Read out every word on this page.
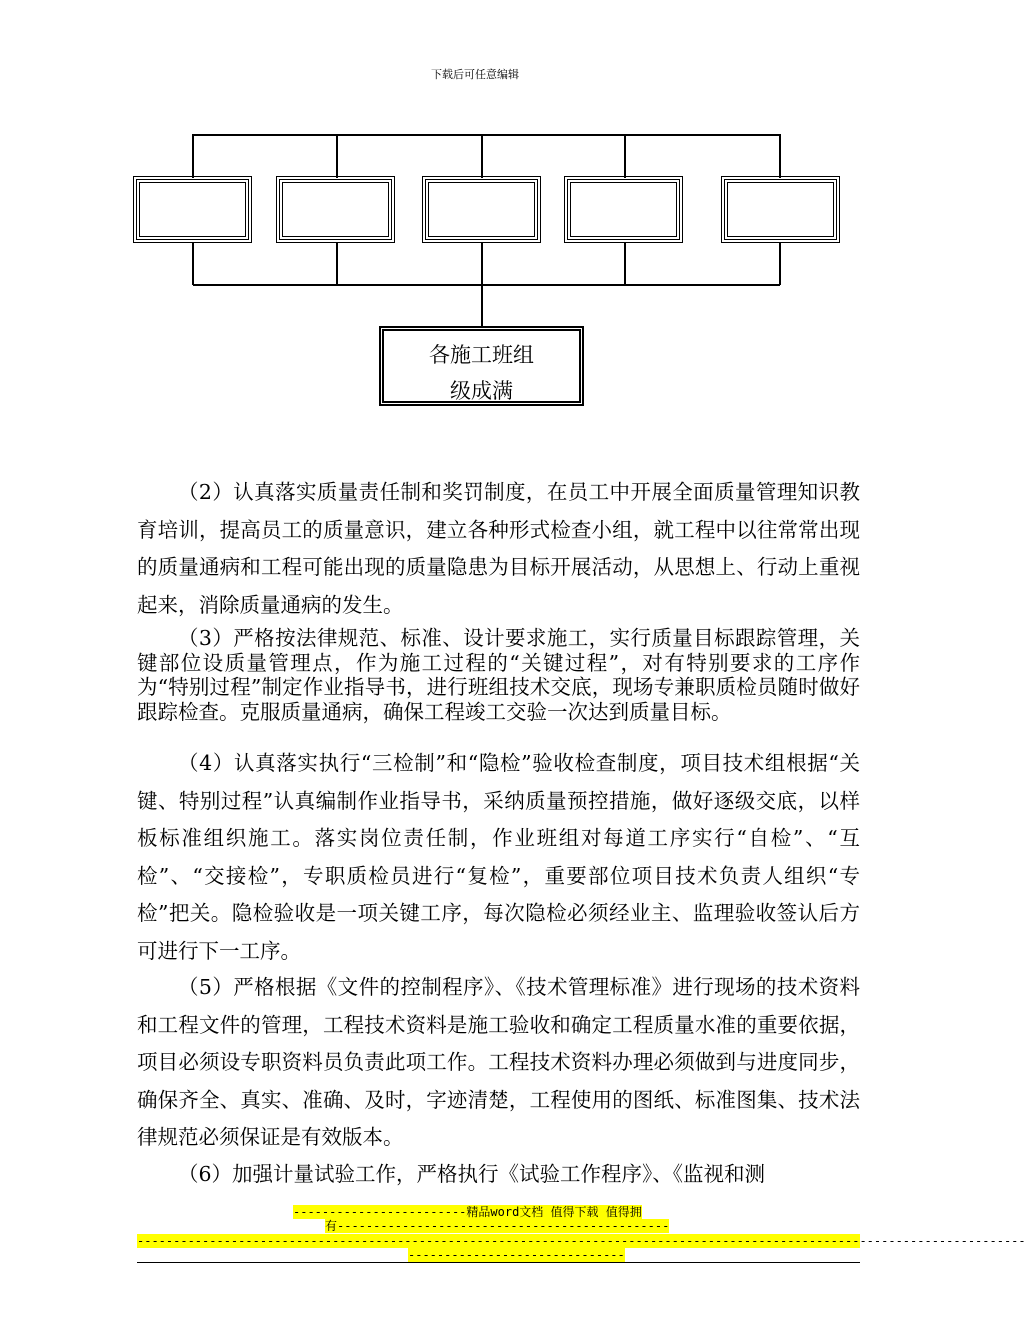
下载后可任意编辑
各施工班组
级成满
（2）认真落实质量责任制和奖罚制度，在员工中开展全面质量管理知识教育培训，提高员工的质量意识，建立各种形式检查小组，就工程中以往常常出现的质量通病和工程可能出现的质量隐患为目标开展活动，从思想上、行动上重视起来，消除质量通病的发生。
（3）严格按法律规范、标准、设计要求施工，实行质量目标跟踪管理，关键部位设质量管理点，作为施工过程的“关键过程”，对有特别要求的工序作为“特别过程”制定作业指导书，进行班组技术交底，现场专兼职质检员随时做好跟踪检查。克服质量通病，确保工程竣工交验一次达到质量目标。
（4）认真落实执行“三检制”和“隐检”验收检查制度，项目技术组根据“关键、特别过程”认真编制作业指导书，采纳质量预控措施，做好逐级交底，以样板标准组织施工。落实岗位责任制，作业班组对每道工序实行“自检”、“互检”、“交接检”，专职质检员进行“复检”，重要部位项目技术负责人组织“专检”把关。隐检验收是一项关键工序，每次隐检必须经业主、监理验收签认后方可进行下一工序。
（5）严格根据《文件的控制程序》、《技术管理标准》进行现场的技术资料和工程文件的管理，工程技术资料是施工验收和确定工程质量水准的重要依据，项目必须设专职资料员负责此项工作。工程技术资料办理必须做到与进度同步，确保齐全、真实、准确、及时，字迹清楚，工程使用的图纸、标准图集、技术法律规范必须保证是有效版本。
（6）加强计量试验工作，严格执行《试验工作程序》、《监视和测
------------------------精品word文档 值得下载 值得拥
有----------------------------------------------
---------------------------------------------------------------------------------------------------------------------------
------------------------------
